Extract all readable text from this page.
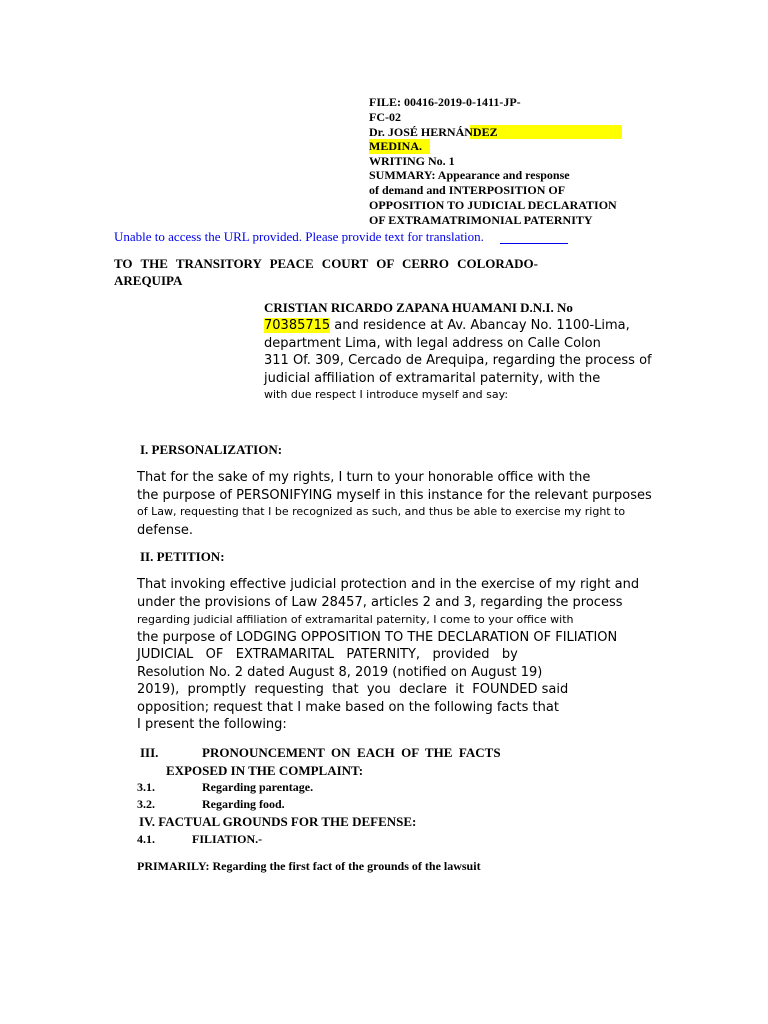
FILE: 00416-2019-0-1411-JP-
FC-02
Dr. JOSÉ HERNÁNDEZ
MEDINA.
WRITING No. 1
SUMMARY: Appearance and response
of demand and INTERPOSITION OF
OPPOSITION TO JUDICIAL DECLARATION
OF EXTRAMATRIMONIAL PATERNITY
Unable to access the URL provided. Please provide text for translation.
TO THE TRANSITORY PEACE COURT OF CERRO COLORADO-
AREQUIPA
CRISTIAN RICARDO ZAPANA HUAMANI D.N.I. No
70385715 and residence at Av. Abancay No. 1100-Lima,
department Lima, with legal address on Calle Colon
311 Of. 309, Cercado de Arequipa, regarding the process of
judicial affiliation of extramarital paternity, with the
with due respect I introduce myself and say:
I. PERSONALIZATION:
That for the sake of my rights, I turn to your honorable office with the
the purpose of PERSONIFYING myself in this instance for the relevant purposes
of Law, requesting that I be recognized as such, and thus be able to exercise my right to
defense.
II. PETITION:
That invoking effective judicial protection and in the exercise of my right and
under the provisions of Law 28457, articles 2 and 3, regarding the process
regarding judicial affiliation of extramarital paternity, I come to your office with
the purpose of LODGING OPPOSITION TO THE DECLARATION OF FILIATION
JUDICIAL   OF   EXTRAMARITAL   PATERNITY,   provided   by
Resolution No. 2 dated August 8, 2019 (notified on August 19)
2019),  promptly  requesting  that  you  declare  it  FOUNDED said
opposition; request that I make based on the following facts that
I present the following:
III.	PRONOUNCEMENT  ON  EACH  OF  THE  FACTS
EXPOSED IN THE COMPLAINT:
3.1.	Regarding parentage.
3.2.	Regarding food.
IV. FACTUAL GROUNDS FOR THE DEFENSE:
4.1.	FILIATION.-
PRIMARILY: Regarding the first fact of the grounds of the lawsuit
